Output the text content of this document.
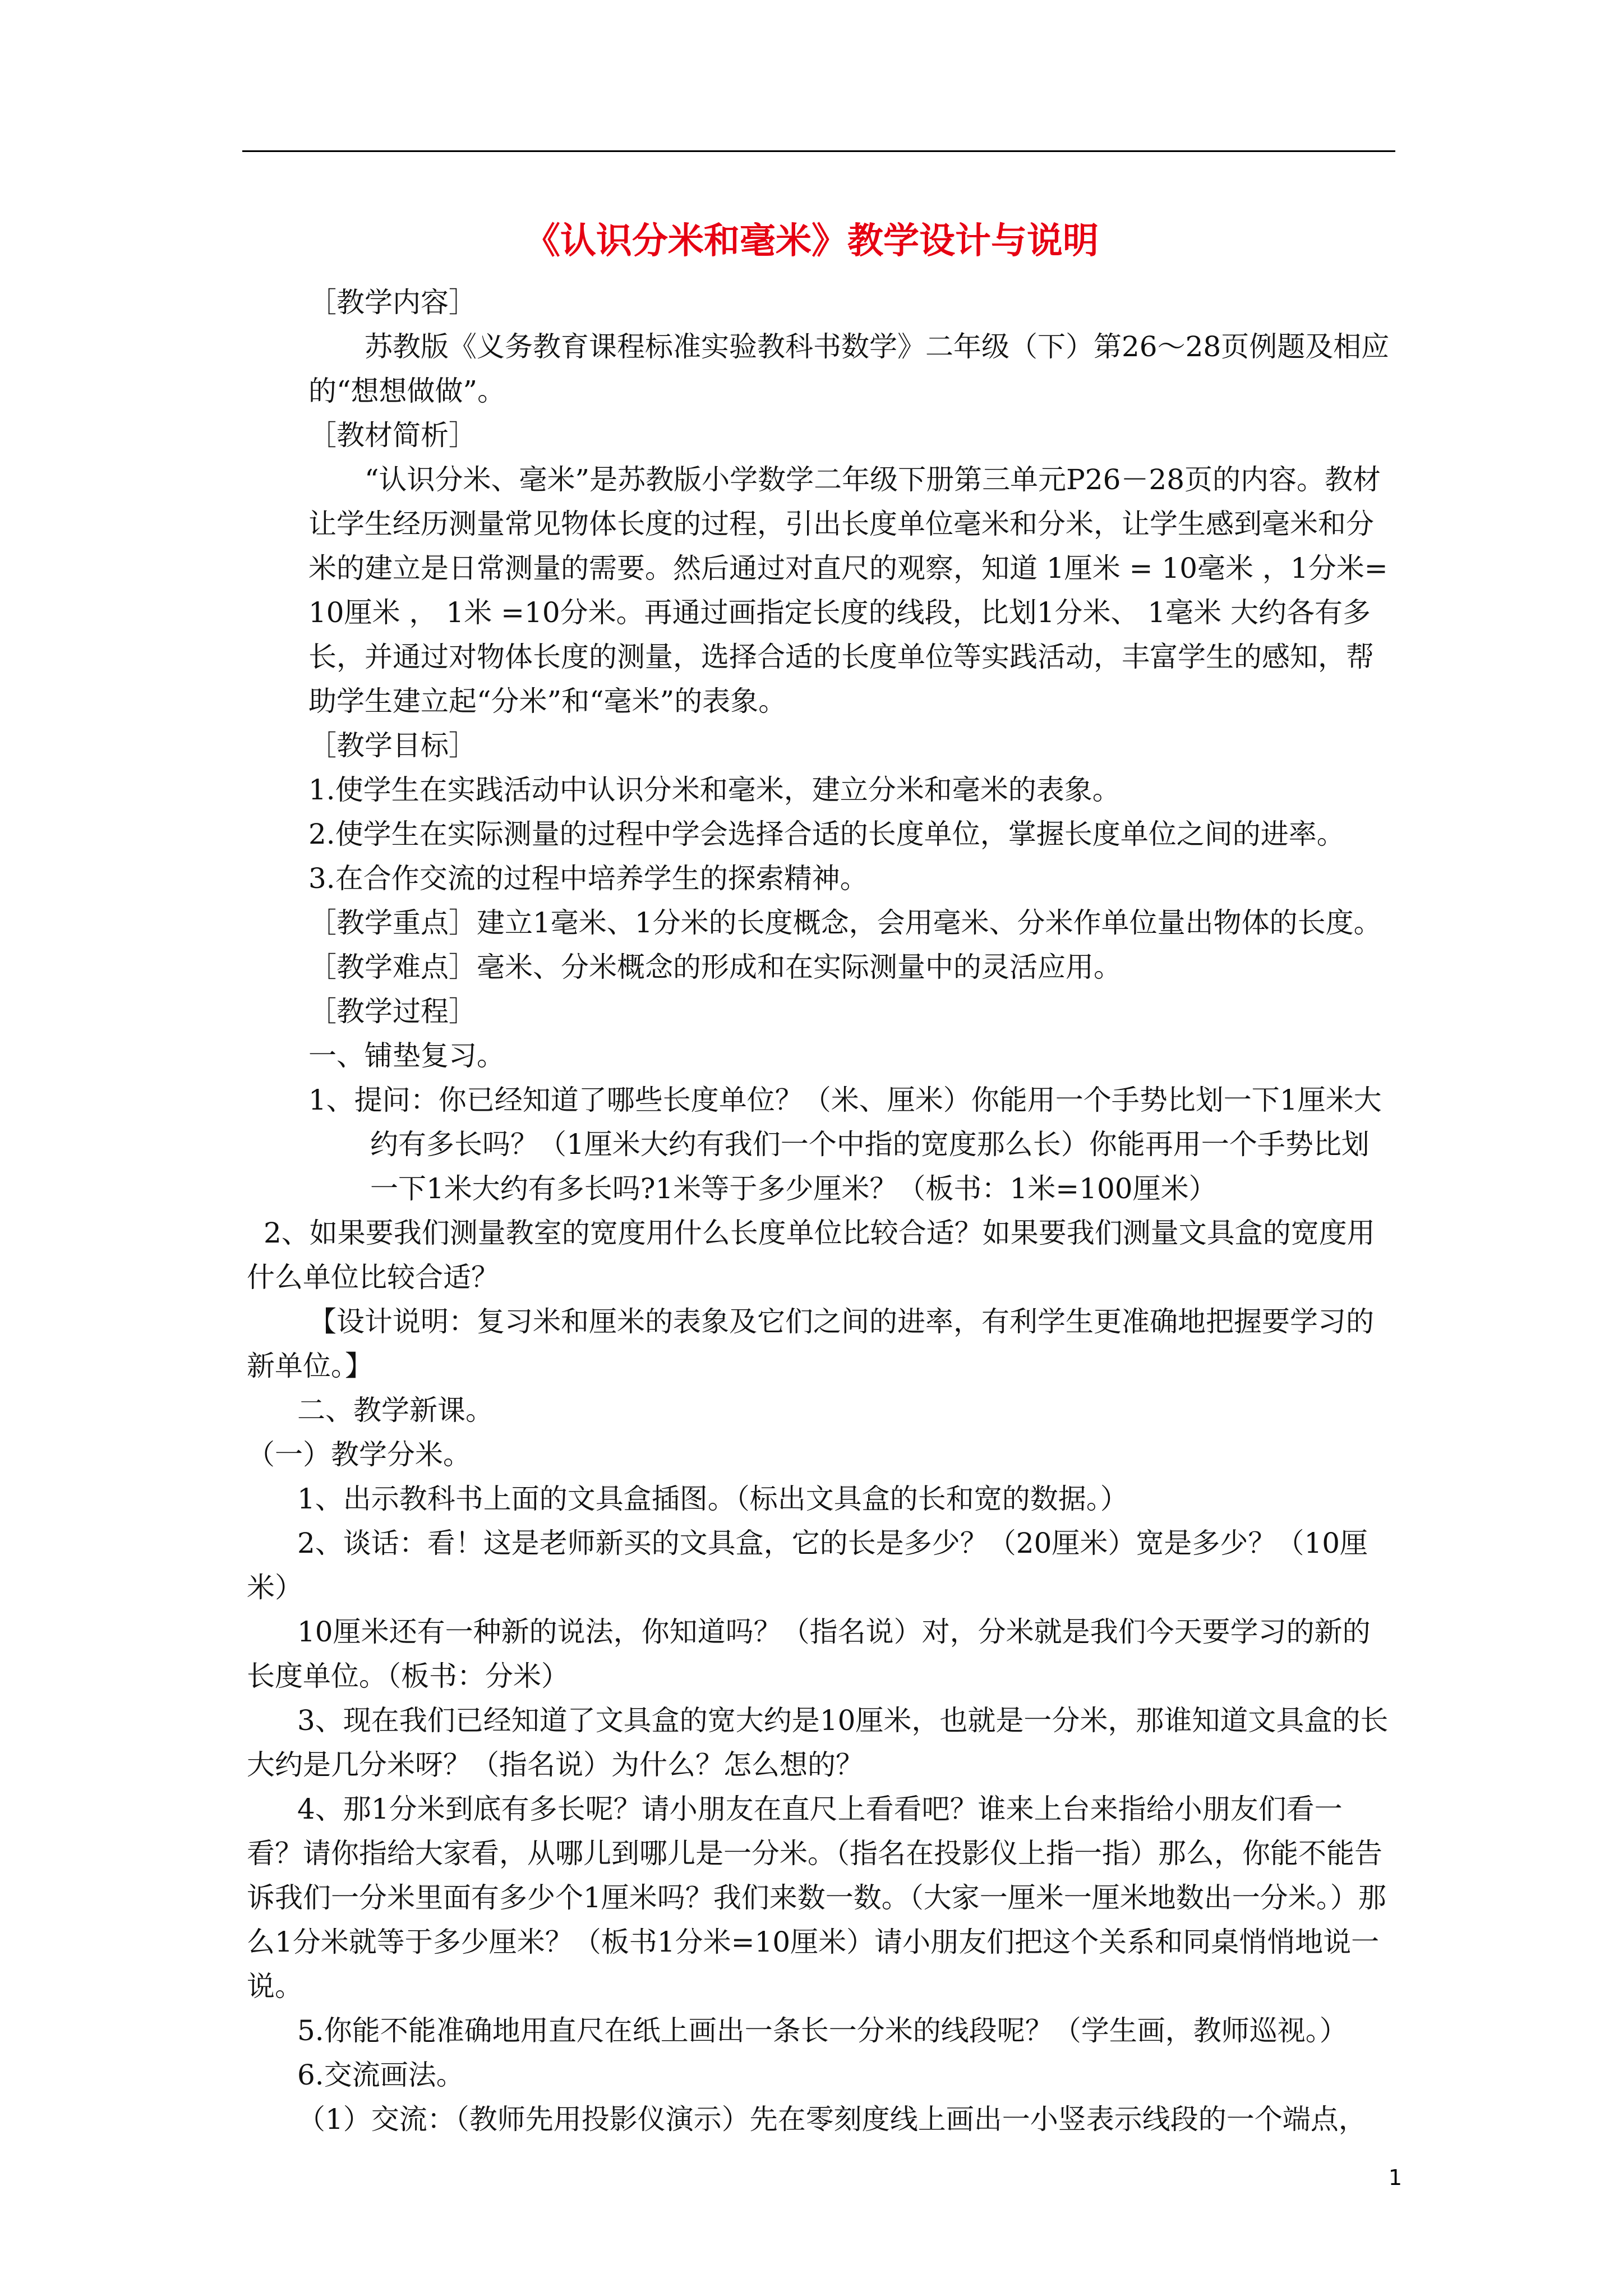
《认识分米和毫米》教学设计与说明

［教学内容］

苏教版《义务教育课程标准实验教科书数学》二年级（下）第26～28页例题及相应的“想想做做”。

［教材简析］

“认识分米、毫米”是苏教版小学数学二年级下册第三单元P26－28页的内容。教材让学生经历测量常见物体长度的过程，引出长度单位毫米和分米，让学生感到毫米和分米的建立是日常测量的需要。然后通过对直尺的观察，知道 1厘米 = 10毫米 ，1分米= 10厘米 ， 1米 =10分米。再通过画指定长度的线段，比划1分米、 1毫米 大约各有多长，并通过对物体长度的测量，选择合适的长度单位等实践活动，丰富学生的感知，帮助学生建立起“分米”和“毫米”的表象。

［教学目标］

1.使学生在实践活动中认识分米和毫米，建立分米和毫米的表象。

2.使学生在实际测量的过程中学会选择合适的长度单位，掌握长度单位之间的进率。

3.在合作交流的过程中培养学生的探索精神。

［教学重点］建立1毫米、1分米的长度概念，会用毫米、分米作单位量出物体的长度。

［教学难点］毫米、分米概念的形成和在实际测量中的灵活应用。

［教学过程］

一、铺垫复习。

1、提问：你已经知道了哪些长度单位？（米、厘米）你能用一个手势比划一下1厘米大约有多长吗？（1厘米大约有我们一个中指的宽度那么长）你能再用一个手势比划一下1米大约有多长吗?1米等于多少厘米？（板书：1米=100厘米）

2、如果要我们测量教室的宽度用什么长度单位比较合适？如果要我们测量文具盒的宽度用什么单位比较合适？

【设计说明：复习米和厘米的表象及它们之间的进率，有利学生更准确地把握要学习的新单位。】

二、教学新课。

（一）教学分米。

1、出示教科书上面的文具盒插图。（标出文具盒的长和宽的数据。）

2、谈话：看！这是老师新买的文具盒，它的长是多少？（20厘米）宽是多少？（10厘米）

10厘米还有一种新的说法，你知道吗？（指名说）对，分米就是我们今天要学习的新的长度单位。（板书：分米）

3、现在我们已经知道了文具盒的宽大约是10厘米，也就是一分米，那谁知道文具盒的长大约是几分米呀？（指名说）为什么？怎么想的？

4、那1分米到底有多长呢？请小朋友在直尺上看看吧？谁来上台来指给小朋友们看一看？请你指给大家看，从哪儿到哪儿是一分米。（指名在投影仪上指一指）那么，你能不能告诉我们一分米里面有多少个1厘米吗？我们来数一数。（大家一厘米一厘米地数出一分米。）那么1分米就等于多少厘米？（板书1分米=10厘米）请小朋友们把这个关系和同桌悄悄地说一说。

5.你能不能准确地用直尺在纸上画出一条长一分米的线段呢？（学生画，教师巡视。）

6.交流画法。

（1）交流：（教师先用投影仪演示）先在零刻度线上画出一小竖表示线段的一个端点，

1
